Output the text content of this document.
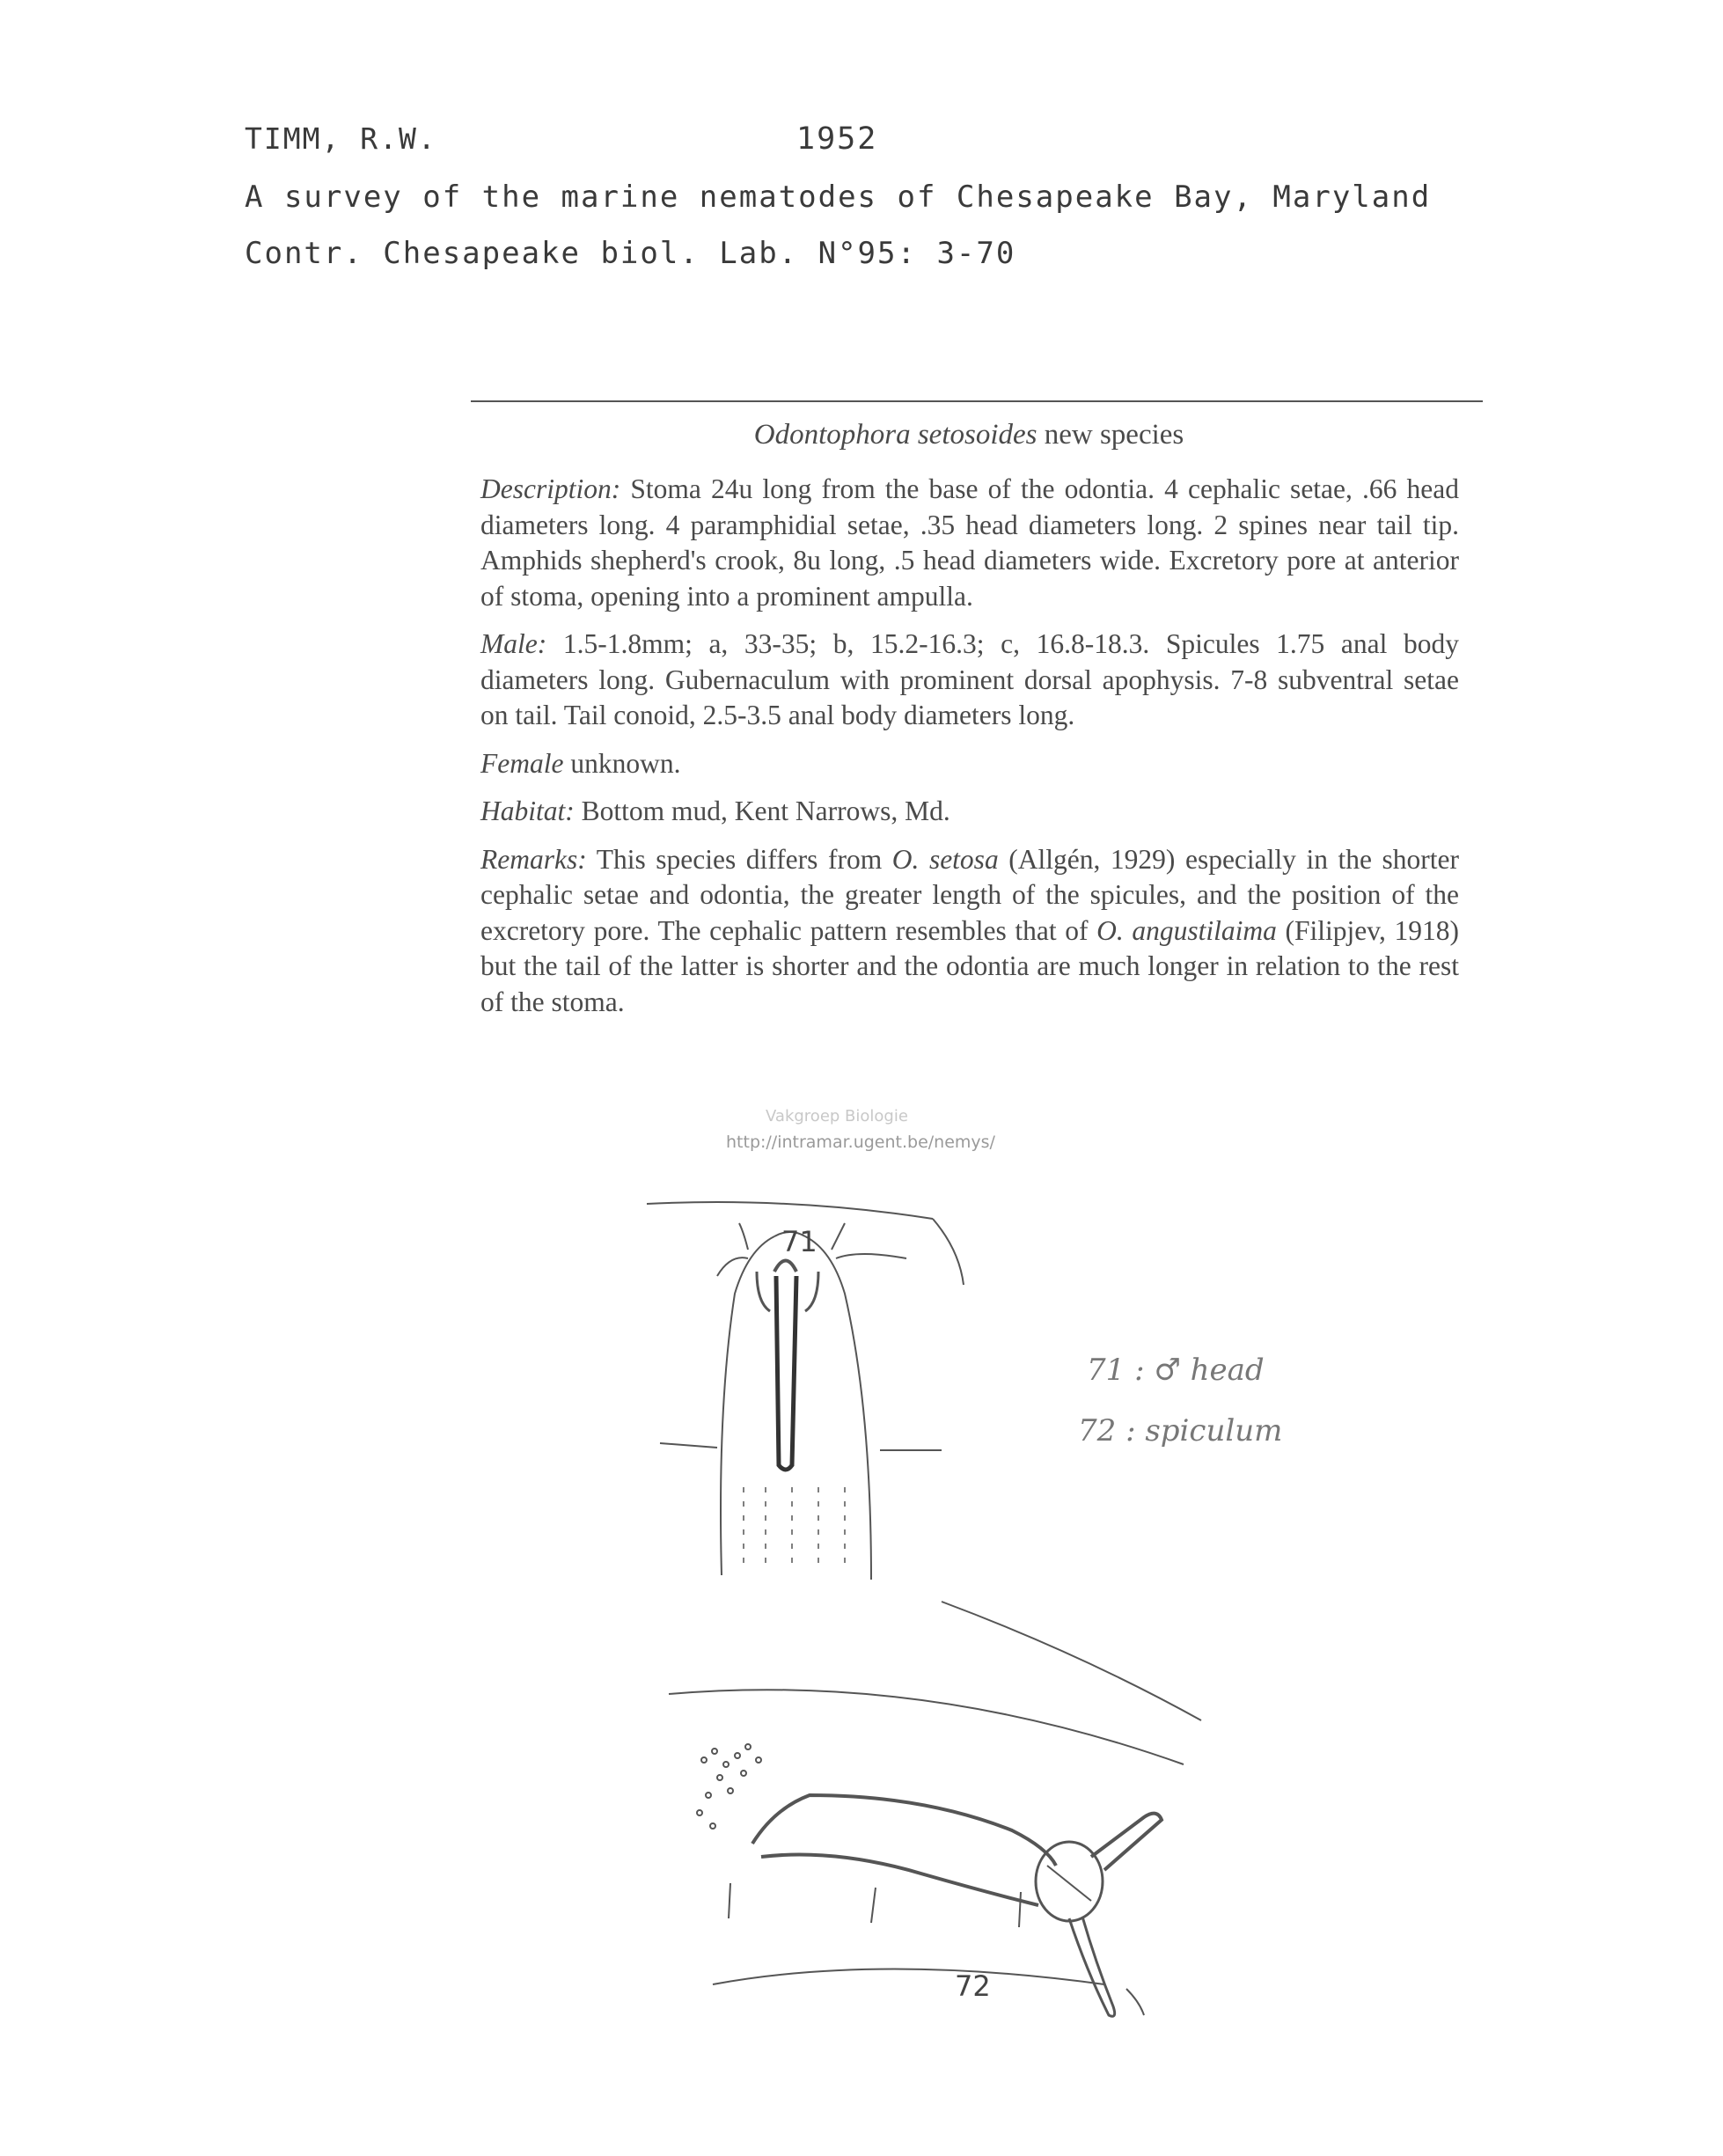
TIMM, R.W.	1952
A survey of the marine nematodes of Chesapeake Bay, Maryland
Contr. Chesapeake biol. Lab. N°95: 3-70
Odontophora setosoides new species

Description: Stoma 24u long from the base of the odontia. 4 cephalic setae, .66 head diameters long. 4 paramphidial setae, .35 head diameters long. 2 spines near tail tip. Amphids shepherd's crook, 8u long, .5 head diameters wide. Excretory pore at anterior of stoma, opening into a prominent ampulla.

Male: 1.5-1.8mm; a, 33-35; b, 15.2-16.3; c, 16.8-18.3. Spicules 1.75 anal body diameters long. Gubernaculum with prominent dorsal apophysis. 7-8 subventral setae on tail. Tail conoid, 2.5-3.5 anal body diameters long.

Female unknown.

Habitat: Bottom mud, Kent Narrows, Md.

Remarks: This species differs from O. setosa (Allgén, 1929) especially in the shorter cephalic setae and odontia, the greater length of the spicules, and the position of the excretory pore. The cephalic pattern resembles that of O. angustilaima (Filipjev, 1918) but the tail of the latter is shorter and the odontia are much longer in relation to the rest of the stoma.

Vakgroep Biologie
http://intramar.ugent.be/nemys/
71
71 : ♂ head
72 : spiculum
72
